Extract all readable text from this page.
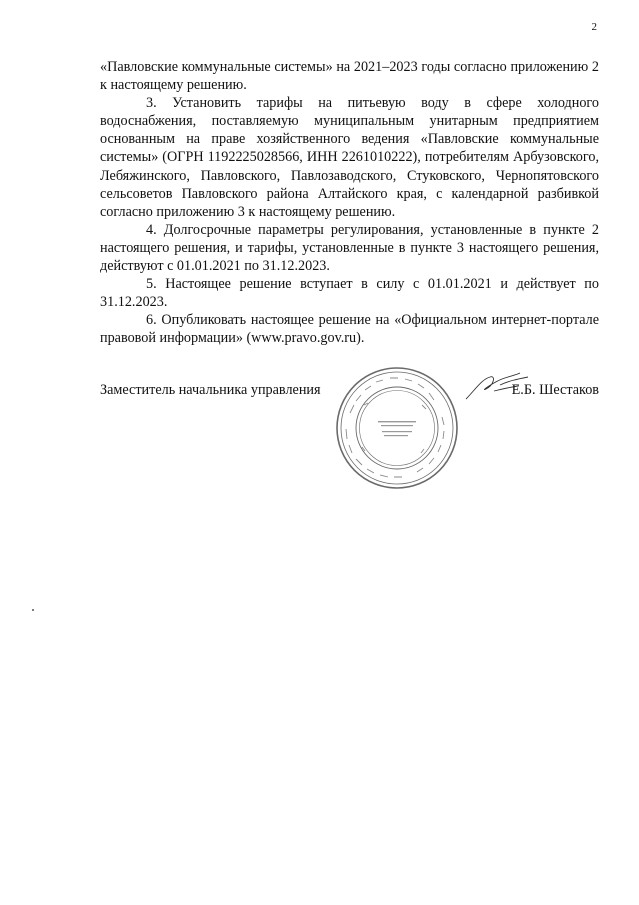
2

«Павловские коммунальные системы» на 2021–2023 годы согласно приложению 2 к настоящему решению.

3. Установить тарифы на питьевую воду в сфере холодного водоснабжения, поставляемую муниципальным унитарным предприятием основанным на праве хозяйственного ведения «Павловские коммунальные системы» (ОГРН 1192225028566, ИНН 2261010222), потребителям Арбузовского, Лебяжинского, Павловского, Павлозаводского, Стуковского, Чернопятовского сельсоветов Павловского района Алтайского края, с календарной разбивкой согласно приложению 3 к настоящему решению.

4. Долгосрочные параметры регулирования, установленные в пункте 2 настоящего решения, и тарифы, установленные в пункте 3 настоящего решения, действуют с 01.01.2021 по 31.12.2023.

5. Настоящее решение вступает в силу с 01.01.2021 и действует по 31.12.2023.

6. Опубликовать настоящее решение на «Официальном интернет-портале правовой информации» (www.pravo.gov.ru).

Заместитель начальника управления	Е.Б. Шестаков
